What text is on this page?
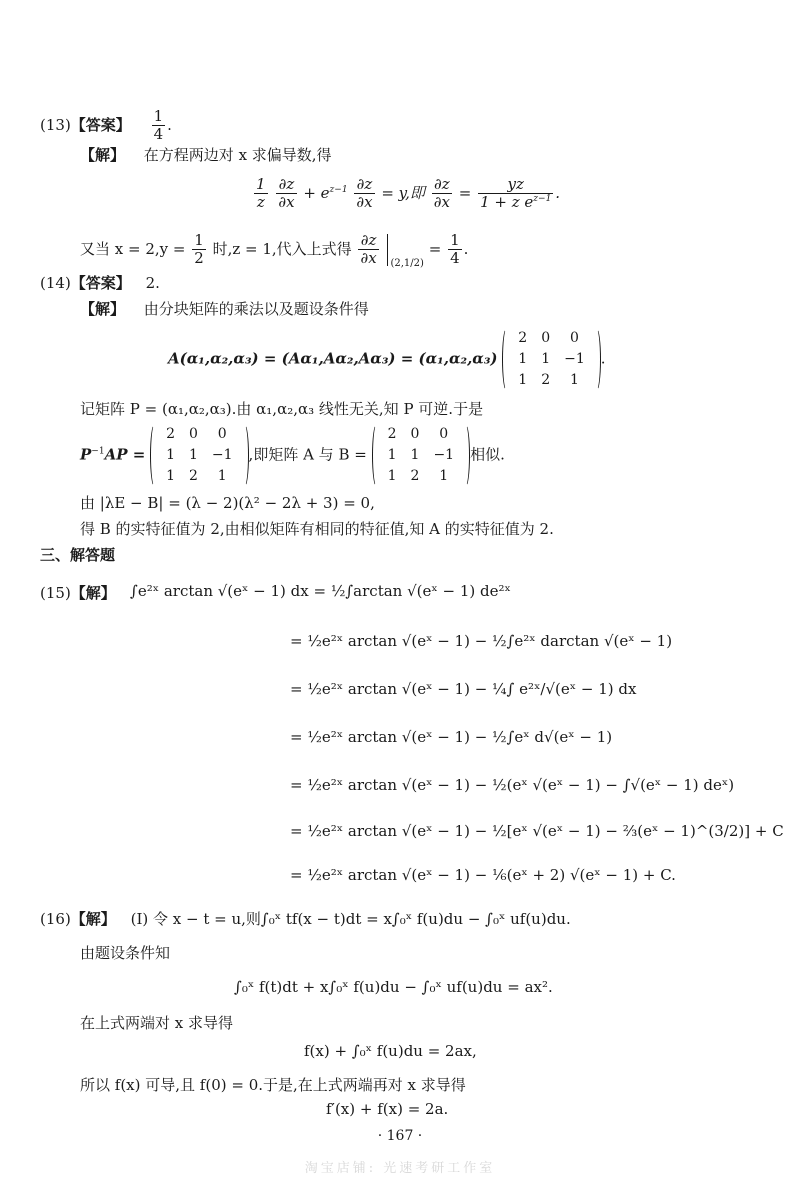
(13)【答案】 $\frac{1}{4}$ .
【解】 在方程两边对 x 求偏导数,得
$\frac{1}{z}$
$\frac{\partial z}{\partial x} + e^{z-1} \frac{\partial z}{\partial x} = y$,即 $\frac{\partial z}{\partial x} = \frac{yz}{1 + z e^{z-1}}$ .
又当 $x = 2,y = \frac{1}{2}$ 时,z = 1,代入上式得 $\frac{\partial z}{\partial x} _{(2,1/2)} = \frac{1}{4}$ .
(14)【答案】 2.
【解】 由分块矩阵的乘法以及题设条件得
A(α₁,α₂,α₃) = (Aα₁,Aα₂,Aα₃) = (α₁,α₂,α₃)
2	0	0
1	1	−1
1	2	1
.
记矩阵 P = (α₁,α₂,α₃).由 α₁,α₂,α₃ 线性无关,知 P 可逆.于是
$P^{-1}AP$ =
2	0	0
1	1	−1
1	2	1
,即矩阵 A 与 B =
2	0	0
1	1	−1
1	2	1
相似.
由 |λE − B| = (λ − 2)(λ² − 2λ + 3) = 0,
得 B 的实特征值为 2,由相似矩阵有相同的特征值,知 A 的实特征值为 2.
三、解答题
(15)【解】 ∫e²ˣ arctan √(eˣ − 1) dx = ½∫arctan √(eˣ − 1) de²ˣ
= ½e²ˣ arctan √(eˣ − 1) − ½∫e²ˣ darctan √(eˣ − 1)
= ½e²ˣ arctan √(eˣ − 1) − ¼∫ e²ˣ/√(eˣ − 1) dx
= ½e²ˣ arctan √(eˣ − 1) − ½∫eˣ d√(eˣ − 1)
= ½e²ˣ arctan √(eˣ − 1) − ½(eˣ √(eˣ − 1) − ∫√(eˣ − 1) deˣ)
= ½e²ˣ arctan √(eˣ − 1) − ½[eˣ √(eˣ − 1) − ⅔(eˣ − 1)^(3/2)] + C
= ½e²ˣ arctan √(eˣ − 1) − ⅙(eˣ + 2) √(eˣ − 1) + C.
(16)【解】 (Ⅰ) 令 x − t = u,则∫₀ˣ tf(x − t)dt = x∫₀ˣ f(u)du − ∫₀ˣ uf(u)du.
由题设条件知
∫₀ˣ f(t)dt + x∫₀ˣ f(u)du − ∫₀ˣ uf(u)du = ax².
在上式两端对 x 求导得
f(x) + ∫₀ˣ f(u)du = 2ax,
所以 f(x) 可导,且 f(0) = 0.于是,在上式两端再对 x 求导得
f′(x) + f(x) = 2a.
· 167 ·
淘宝店铺: 光速考研工作室
